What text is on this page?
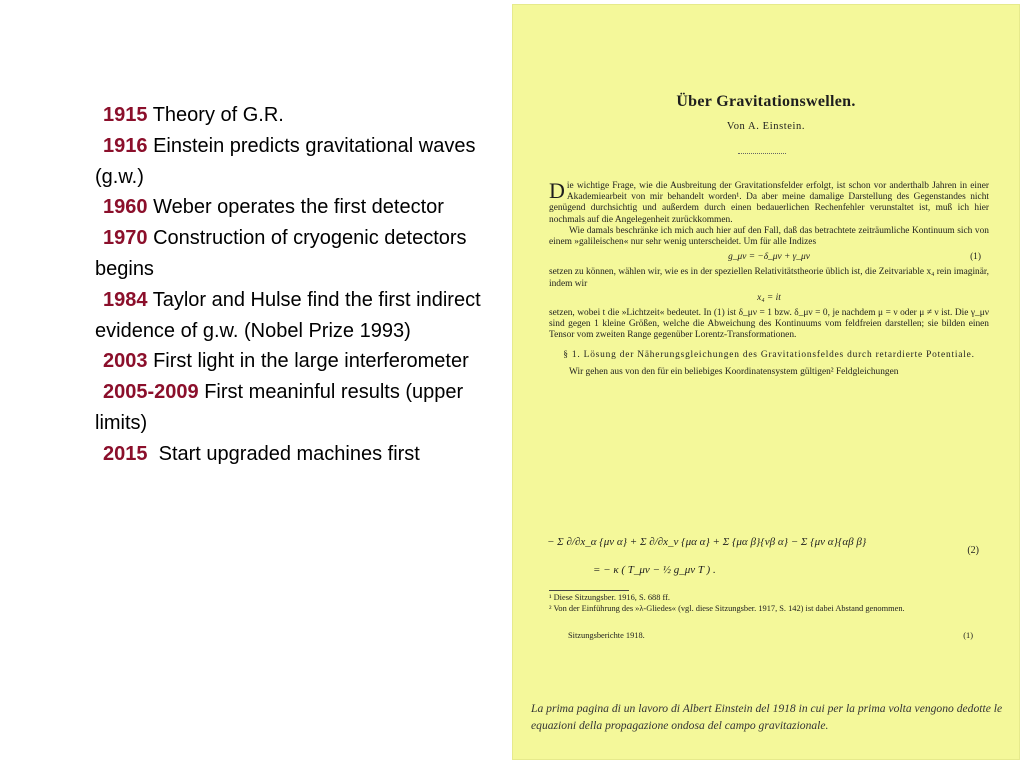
1915 Theory of G.R.

1916 Einstein predicts gravitational waves (g.w.)

1960 Weber operates the first detector

1970 Construction of cryogenic detectors
begins

1984 Taylor and Hulse find the first indirect evidence of g.w. (Nobel Prize 1993)

2003 First light in the large interferometer

2005-2009 First meaninful results (upper limits)

2015 Start upgraded machines first

Über Gravitationswellen.
Von A. Einstein.

Die wichtige Frage, wie die Ausbreitung der Gravitationsfelder erfolgt, ist schon vor anderthalb Jahren in einer Akademiearbeit von mir behandelt worden¹. Da aber meine damalige Darstellung des Gegenstandes nicht genügend durchsichtig und außerdem durch einen bedauerlichen Rechenfehler verunstaltet ist, muß ich hier nochmals auf die Angelegenheit zurückkommen.

Wie damals beschränke ich mich auch hier auf den Fall, daß das betrachtete zeiträumliche Kontinuum sich von einem »galileischen« nur sehr wenig unterscheidet. Um für alle Indizes

g_μν = −δ_μν + γ_μν	(1)

setzen zu können, wählen wir, wie es in der speziellen Relativitätstheorie üblich ist, die Zeitvariable x₄ rein imaginär, indem wir

x₄ = it

setzen, wobei t die »Lichtzeit« bedeutet. In (1) ist δ_μν = 1 bzw. δ_μν = 0, je nachdem μ = ν oder μ ≠ ν ist. Die γ_μν sind gegen 1 kleine Größen, welche die Abweichung des Kontinuums vom feldfreien darstellen; sie bilden einen Tensor vom zweiten Range gegenüber Lorentz-Transformationen.

§ 1. Lösung der Näherungsgleichungen des Gravitationsfeldes durch retardierte Potentiale.

Wir gehen aus von den für ein beliebiges Koordinatensystem gültigen² Feldgleichungen

− Σ ∂/∂x_α {μν α} + Σ ∂/∂x_ν {μα α} + Σ {μα β}{νβ α} − Σ {μν α}{αβ β}
= − κ ( T_μν − ½ g_μν T ) .
(2)

¹ Diese Sitzungsber. 1916, S. 688 ff.

² Von der Einführung des »λ-Gliedes« (vgl. diese Sitzungsber. 1917, S. 142) ist dabei Abstand genommen.

Sitzungsberichte 1918.	(1)
La prima pagina di un lavoro di Albert Einstein del 1918 in cui per la prima volta vengono dedotte le equazioni della propagazione ondosa del campo gravitazionale.
